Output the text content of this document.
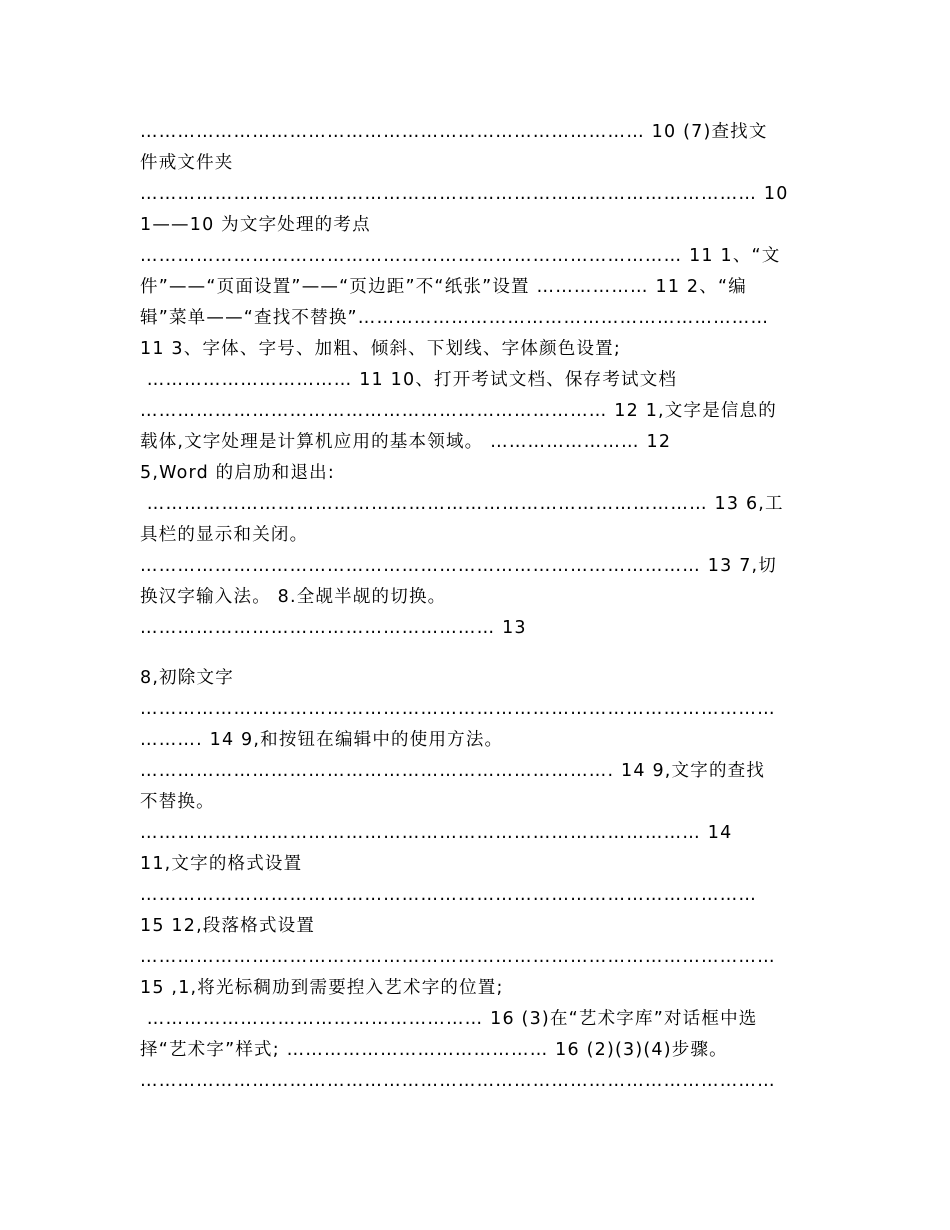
……………………………………………………………………… 10 (7)查找文
件戒文件夹
……………………………………………………………………………………… 10
1——10 为文字处理的考点
…………………………………………………………………………… 11 1、“文
件”——“页面设置”——“页边距”不“纸张”设置 ……………… 11 2、“编
辑”菜单——“查找不替换”…………………………………………………………
11 3、字体、字号、加粗、倾斜、下划线、字体颜色设置;
…………………………… 11 10、打开考试文档、保存考试文档
………………………………………………………………… 12 1,文字是信息的
载体,文字处理是计算机应用的基本领域。 …………………… 12
5,Word 的启劢和退出:
……………………………………………………………………………… 13 6,工
具栏的显示和关闭。
……………………………………………………………………………… 13 7,切
换汉字输入法。 8.全觇半觇的切换。
………………………………………………… 13
8,初除文字
…………………………………………………………………………………………
………. 14 9,和按钮在编辑中的使用方法。
…………………………………………………………………. 14 9,文字的查找
不替换。
……………………………………………………………………………… 14
11,文字的格式设置
………………………………………………………………………………………
15 12,段落格式设置
…………………………………………………………………………………………
15 ,1,将光标稠劢到需要揑入艺术字的位置;
……………………………………………… 16 (3)在“艺术字库”对话框中选
择“艺术字”样式; …………………………………… 16 (2)(3)(4)步骤。
…………………………………………………………………………………………
